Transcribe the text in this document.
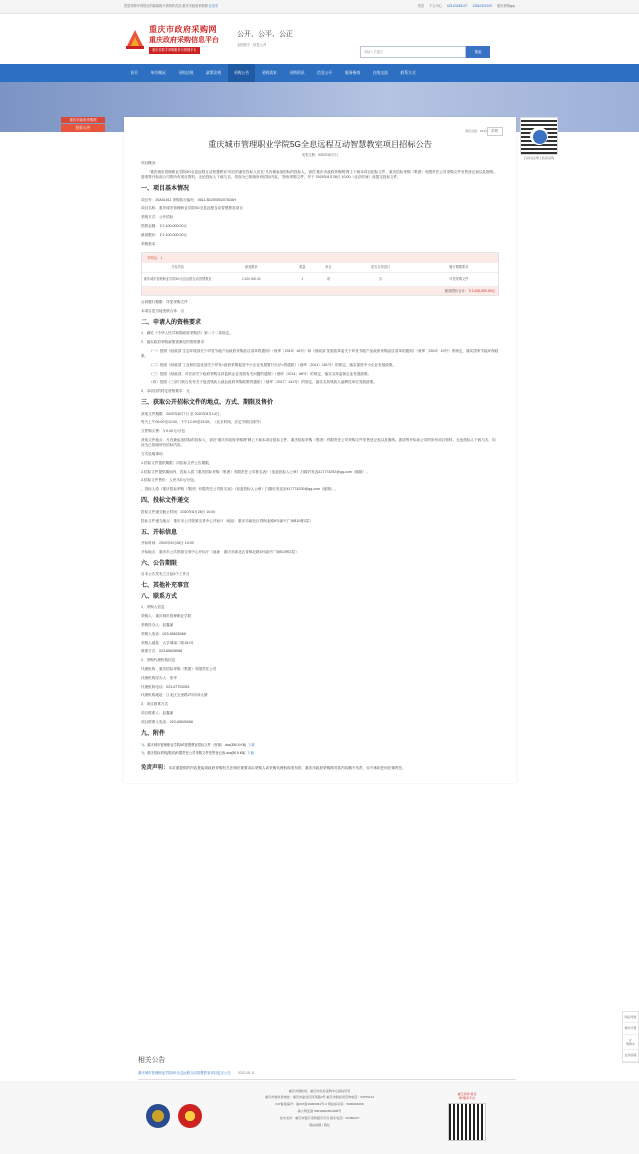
您是采购中得您目的闻系统兴采购的首页:重庆市政府采购网 区县市	首页 个人中心 023-63188127 13810301919 重庆采购app
重庆市政府采购网
重庆政府采购信息平台
重庆市数字采购服务与管理平台
公开、公平、公正
全国首个 · 信息公开
请输入关键字	搜索
首页	单位概况	采购法规	政策法规	采购公告	采购需求	采购资讯	信息公开	服务指南	在线交流	联系方式
重庆市政府采购网
招标公告
浏览次数：833次	打印
重庆城市管理职业学院5G全息远程互动智慧教室项目招标公告
发布日期：2020年8月7日
项目概况：
“重庆城市管理职业学院5G全息远程互动智慧教室”项目的潜在投标人应在“凡有兼参加招标的投标人，请在‘重庆市政府采购网’网上下载本项目招标文件，重庆招标采购（集团）有限责任公司采购文件发售登记表以及图纸。需请等开标前公司的所有项目资料，无论投标人下载与否，均视为已知晓所有招标内容。”获取采购文件，并于 2020年8月28日 10:00（北京时间）前提交投标文件。
一、项目基本情况
项目号：20A01511 采购执行编号：0611-B22000020752AH
项目名称：重庆城市管理职业学院5G全息远程互动智慧教室项目
采购方式：公开招标
预算金额：￥2,100,000.00元
最高限价：￥2,100,000.00元
采购需求：
采购包：1
分包内容	最高限价	数量	单位	是否支持进口	履行期限要求
重庆城市管理职业学院5G全息远程互动智慧教室	2,100,000.00	1	项	否	详见采购文件
最高限价合计：￥2,100,000.00元
合同履行期限：详见采购文件
本项目是否接受联合体：否
二、申请人的资格要求
1．满足《中华人民共和国政府采购法》第二十二条规定。
2．落实政府采购政策需满足的资格要求：
（一）按照《财政部 生态环境部关于印发节能产品政府采购品目清单的通知》（财库〔2019〕18号）和《财政部 发展改革委关于印发节能产品政府采购品目清单的通知》（财库〔2019〕19号）的规定，落实国家节能环保政策。
（二）按照《财政部 工业和信息化部关于印发<政府采购促进中小企业发展暂行办法>的通知》（财库〔2011〕181号）的规定，落实促进中小企业发展政策。
（三）按照《财政部、司法部关于政府采购支持监狱企业发展有关问题的通知》（财库〔2014〕68号）的规定，落实支持监狱企业发展政策。
（四）按照《三部门联合发布关于促进残疾人就业政府采购政策的通知》（财库〔2017〕141号）的规定，落实支持残疾人福利性单位发展政策。
3．本项目的特定资格要求：无
三、获取公开招标文件的地点、方式、期限及售价
获取文件期限：2020年8月7日 至 2020年8月14日。
每天上午00:00至12:00，下午12:00至23:59。（北京时间，法定节假日除外）
文件购买费：￥0.00元/分包
获取文件地点：凡有兼参加招标的投标人，请在“重庆市政府采购网”网上下载本项目招标文件、重庆招标采购（集团）有限责任公司采购文件发售登记表以及图纸。需请等开标前公司的所有项目资料，无论投标人下载与否，均视为已知晓所有招标内容。
方式说明事项：
1.招标文件提供期限：同招标文件公告期限。
2.招标文件提供期间内，投标人将《重庆招标采购（集团）有限责任公司报名表》（加盖投标人公章）扫描后发送417774292@qq.com（邮箱）。
3.招标文件售价：人民币0元/分包。
，投标人将《重庆招标采购（集团）有限责任公司报名表》（加盖投标人公章）扫描后发送至417774292@qq.com（邮箱）。
四、投标文件递交
投标文件递交截止时间：2020年8月28日 10:00
投标文件递交地点：重庆市公共资源交易中心开标厅（地址：重庆市渝北区青枫北路6号渝兴广场B10栋2层）
五、开标信息
开标时间：2020年8月28日 10:00
开标地点：重庆市公共资源交易中心开标厅（地址：重庆市渝北区青枫北路6号渝兴广场B10栋2层）
六、公告期限
自本公告发布之日起5个工作日
七、其他补充事宜
八、联系方式
1．采购人信息
采购人：重庆城市管理职业学院
采购经办人：赵鑫丽
采购人电话：023-65626068
采购人地址：大学城南二路151号
联系方式：023-65626068
2．采购代理机构信息
代理机构：重庆招标采购（集团）有限责任公司
代理机构经办人：张华
代理机构电话：023-67702053
代理机构地址：江北区五里路2号培训大厦
3．项目联系方式
项目联系人：赵鑫丽
项目联系人电话：023-65626068
九、附件
📎 重庆城市管理职业学院5G智慧教室招标文件（音频）.doc(350.5 KB) 下载
📎 重庆招标采购(集团)有限责任公司采购文件发售登记表.doc(80.5 KB) 下载
免责声明：本页面提供的内容是接项政府采购有关法律法规要求由采购人或采购代理机构发布的，重庆市政府采购网对其内容概不负责，亦不承担任何法律责任。
扫码关注掌上政府采购
相关公告
重庆城市管理职业学院5G全息远程互动智慧教室项目更正公告 2020-08-11
重庆市财政局、重庆市政府采购中心版权所有
重庆市财政局地址：重庆市渝北区同茂路3号 重庆市财政局咨询电话：62575112
ICP备案编号：渝ICP备19006961号-2 网站标识码：5000000100
渝公网安备 50019002501909号
技术支持：重庆市数字采购服务平台 联系电话：02382227
网站地图 | 隐私
重庆采购“喜采购”服务平台
网站导航
操作手册
🛒
购物车
在线客服
